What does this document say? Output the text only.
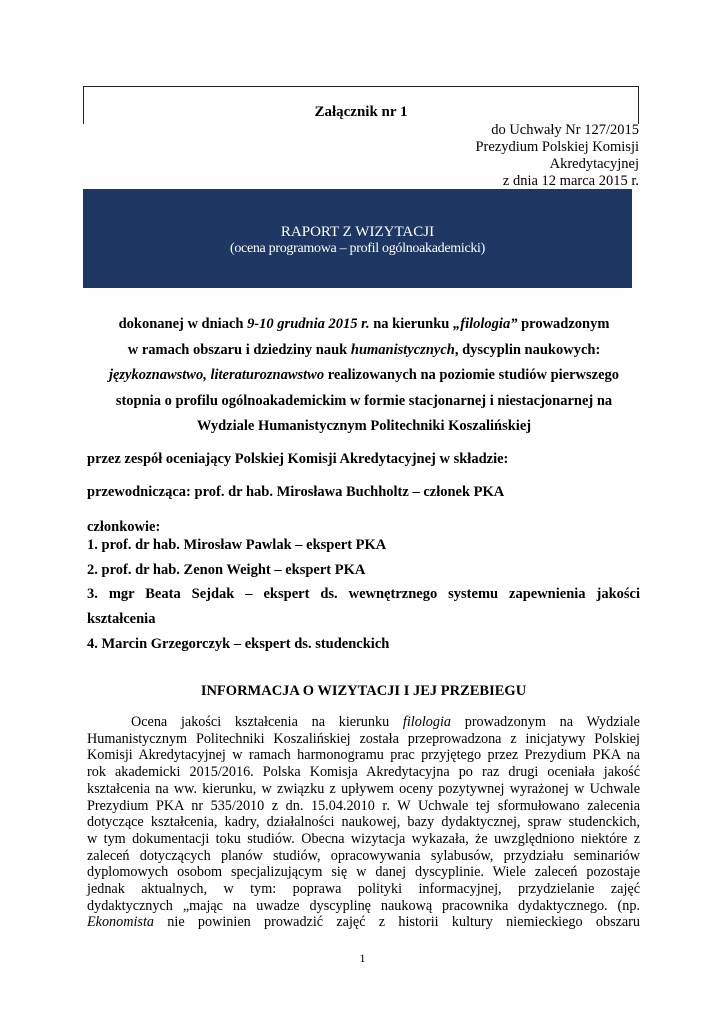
Załącznik nr 1
do Uchwały Nr 127/2015
Prezydium Polskiej Komisji
Akredytacyjnej
z dnia 12 marca 2015 r.
RAPORT Z WIZYTACJI
(ocena programowa – profil ogólnoakademicki)

dokonanej w dniach 9-10 grudnia 2015 r. na kierunku „filologia” prowadzonym

w ramach obszaru i dziedziny nauk humanistycznych, dyscyplin naukowych:

językoznawstwo, literaturoznawstwo realizowanych na poziomie studiów pierwszego

stopnia o profilu ogólnoakademickim w formie stacjonarnej i niestacjonarnej na

Wydziale Humanistycznym Politechniki Koszalińskiej

przez zespół oceniający Polskiej Komisji Akredytacyjnej w składzie:
przewodnicząca: prof. dr hab. Mirosława Buchholtz – członek PKA
członkowie:
1. prof. dr hab. Mirosław Pawlak – ekspert PKA
2. prof. dr hab. Zenon Weight – ekspert PKA
3. mgr Beata Sejdak – ekspert ds. wewnętrznego systemu zapewnienia jakości
kształcenia
4. Marcin Grzegorczyk – ekspert ds. studenckich
INFORMACJA O WIZYTACJI I JEJ PRZEBIEGU
Ocena jakości kształcenia na kierunku filologia prowadzonym na Wydziale
Humanistycznym Politechniki Koszalińskiej została przeprowadzona z inicjatywy Polskiej
Komisji Akredytacyjnej w ramach harmonogramu prac przyjętego przez Prezydium PKA na
rok akademicki 2015/2016. Polska Komisja Akredytacyjna po raz drugi oceniała jakość
kształcenia na ww. kierunku, w związku z upływem oceny pozytywnej wyrażonej w Uchwale
Prezydium PKA nr 535/2010 z dn. 15.04.2010 r. W Uchwale tej sformułowano zalecenia
dotyczące kształcenia, kadry, działalności naukowej, bazy dydaktycznej, spraw studenckich,
w tym dokumentacji toku studiów. Obecna wizytacja wykazała, że uwzględniono niektóre z
zaleceń dotyczących planów studiów, opracowywania sylabusów, przydziału seminariów
dyplomowych osobom specjalizującym się w danej dyscyplinie. Wiele zaleceń pozostaje
jednak aktualnych, w tym: poprawa polityki informacyjnej, przydzielanie zajęć
dydaktycznych „mając na uwadze dyscyplinę naukową pracownika dydaktycznego. (np.
Ekonomista nie powinien prowadzić zajęć z historii kultury niemieckiego obszaru
1
